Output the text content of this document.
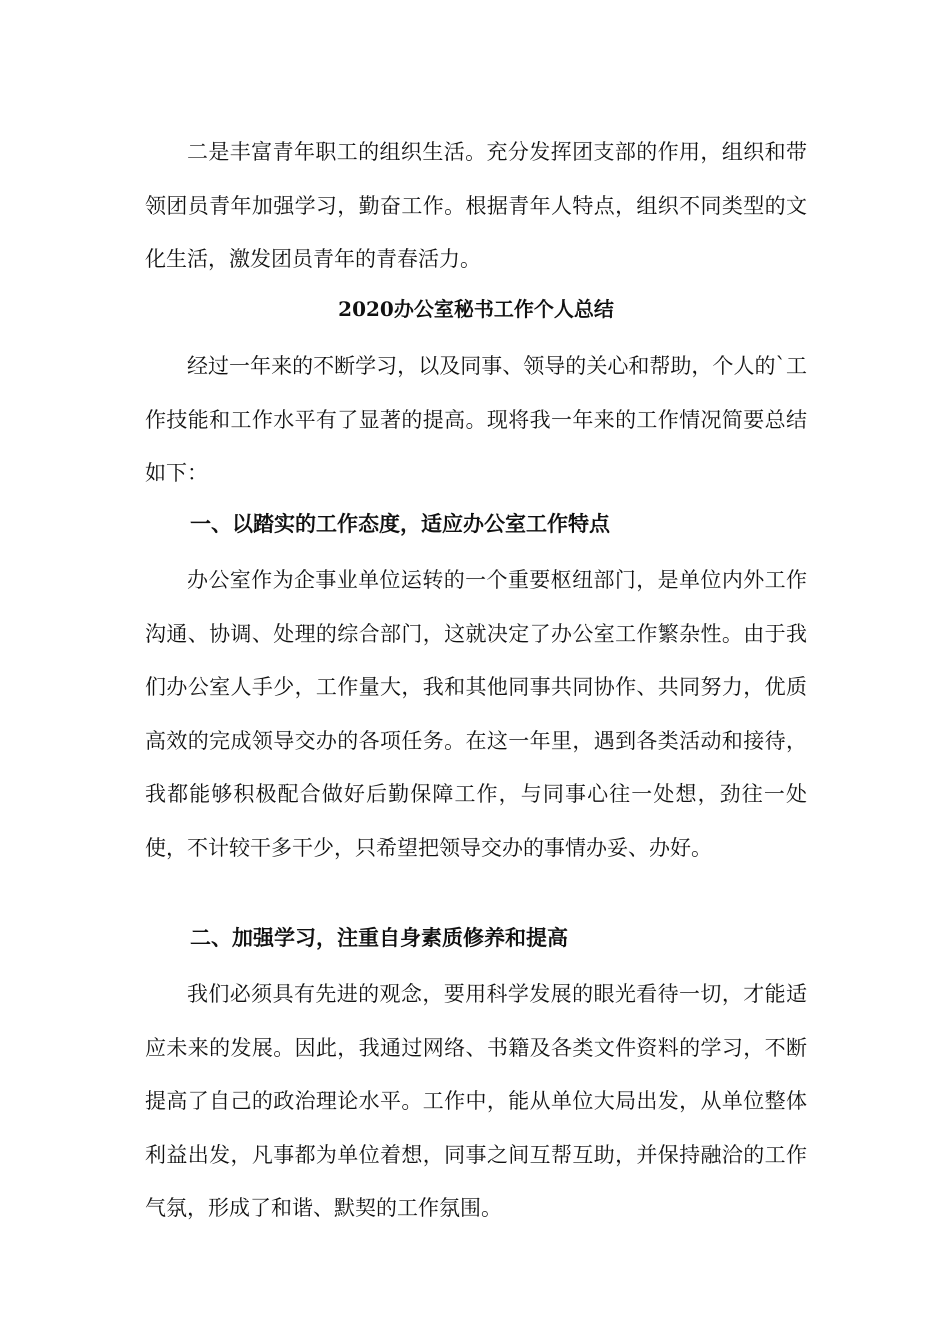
二是丰富青年职工的组织生活。充分发挥团支部的作用，组织和带领团员青年加强学习，勤奋工作。根据青年人特点，组织不同类型的文化生活，激发团员青年的青春活力。

2020办公室秘书工作个人总结

经过一年来的不断学习，以及同事、领导的关心和帮助，个人的`工作技能和工作水平有了显著的提高。现将我一年来的工作情况简要总结如下：

一、以踏实的工作态度，适应办公室工作特点

办公室作为企事业单位运转的一个重要枢纽部门，是单位内外工作沟通、协调、处理的综合部门，这就决定了办公室工作繁杂性。由于我们办公室人手少，工作量大，我和其他同事共同协作、共同努力，优质高效的完成领导交办的各项任务。在这一年里，遇到各类活动和接待，我都能够积极配合做好后勤保障工作，与同事心往一处想，劲往一处使，不计较干多干少，只希望把领导交办的事情办妥、办好。

二、加强学习，注重自身素质修养和提高

我们必须具有先进的观念，要用科学发展的眼光看待一切，才能适应未来的发展。因此，我通过网络、书籍及各类文件资料的学习，不断提高了自己的政治理论水平。工作中，能从单位大局出发，从单位整体利益出发，凡事都为单位着想，同事之间互帮互助，并保持融洽的工作气氛，形成了和谐、默契的工作氛围。
